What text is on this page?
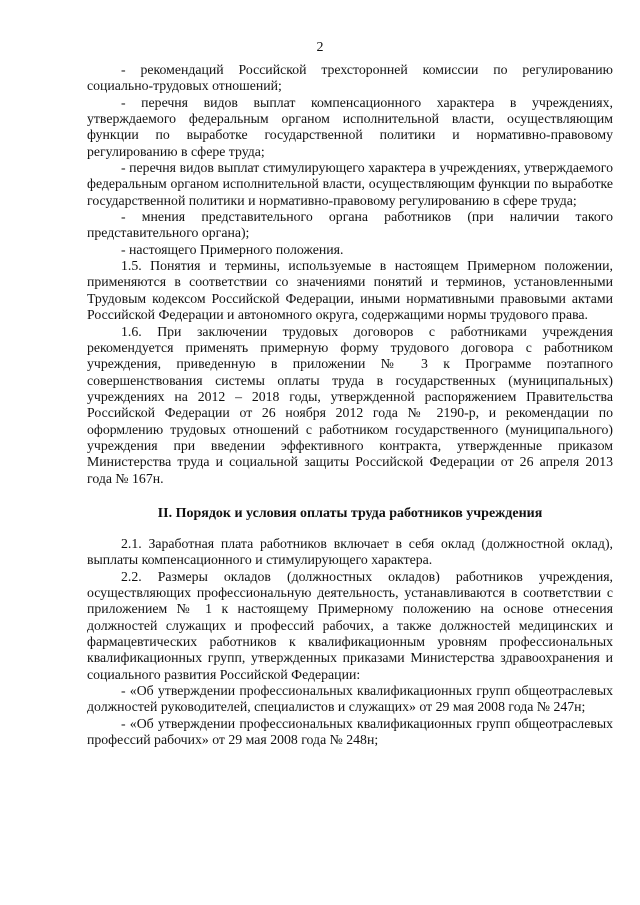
2

- рекомендаций Российской трехсторонней комиссии по регулированию социально-трудовых отношений;

- перечня видов выплат компенсационного характера в учреждениях, утверждаемого федеральным органом исполнительной власти, осуществляющим функции по выработке государственной политики и нормативно-правовому регулированию в сфере труда;

- перечня видов выплат стимулирующего характера в учреждениях, утверждаемого федеральным органом исполнительной власти, осуществляющим функции по выработке государственной политики и нормативно-правовому регулированию в сфере труда;

- мнения представительного органа работников (при наличии такого представительного органа);

- настоящего Примерного положения.

1.5. Понятия и термины, используемые в настоящем Примерном положении, применяются в соответствии со значениями понятий и терминов, установленными Трудовым кодексом Российской Федерации, иными нормативными правовыми актами Российской Федерации и автономного округа, содержащими нормы трудового права.

1.6. При заключении трудовых договоров с работниками учреждения рекомендуется применять примерную форму трудового договора с работником учреждения, приведенную в приложении № 3 к Программе поэтапного совершенствования системы оплаты труда в государственных (муниципальных) учреждениях на 2012 – 2018 годы, утвержденной распоряжением Правительства Российской Федерации от 26 ноября 2012 года № 2190-р, и рекомендации по оформлению трудовых отношений с работником государственного (муниципального) учреждения при введении эффективного контракта, утвержденные приказом Министерства труда и социальной защиты Российской Федерации от 26 апреля 2013 года № 167н.

II. Порядок и условия оплаты труда работников учреждения

2.1. Заработная плата работников включает в себя оклад (должностной оклад), выплаты компенсационного и стимулирующего характера.

2.2. Размеры окладов (должностных окладов) работников учреждения, осуществляющих профессиональную деятельность, устанавливаются в соответствии с приложением № 1 к настоящему Примерному положению на основе отнесения должностей служащих и профессий рабочих, а также должностей медицинских и фармацевтических работников к квалификационным уровням профессиональных квалификационных групп, утвержденных приказами Министерства здравоохранения и социального развития Российской Федерации:

- «Об утверждении профессиональных квалификационных групп общеотраслевых должностей руководителей, специалистов и служащих» от 29 мая 2008 года № 247н;

- «Об утверждении профессиональных квалификационных групп общеотраслевых профессий рабочих» от 29 мая 2008 года № 248н;
